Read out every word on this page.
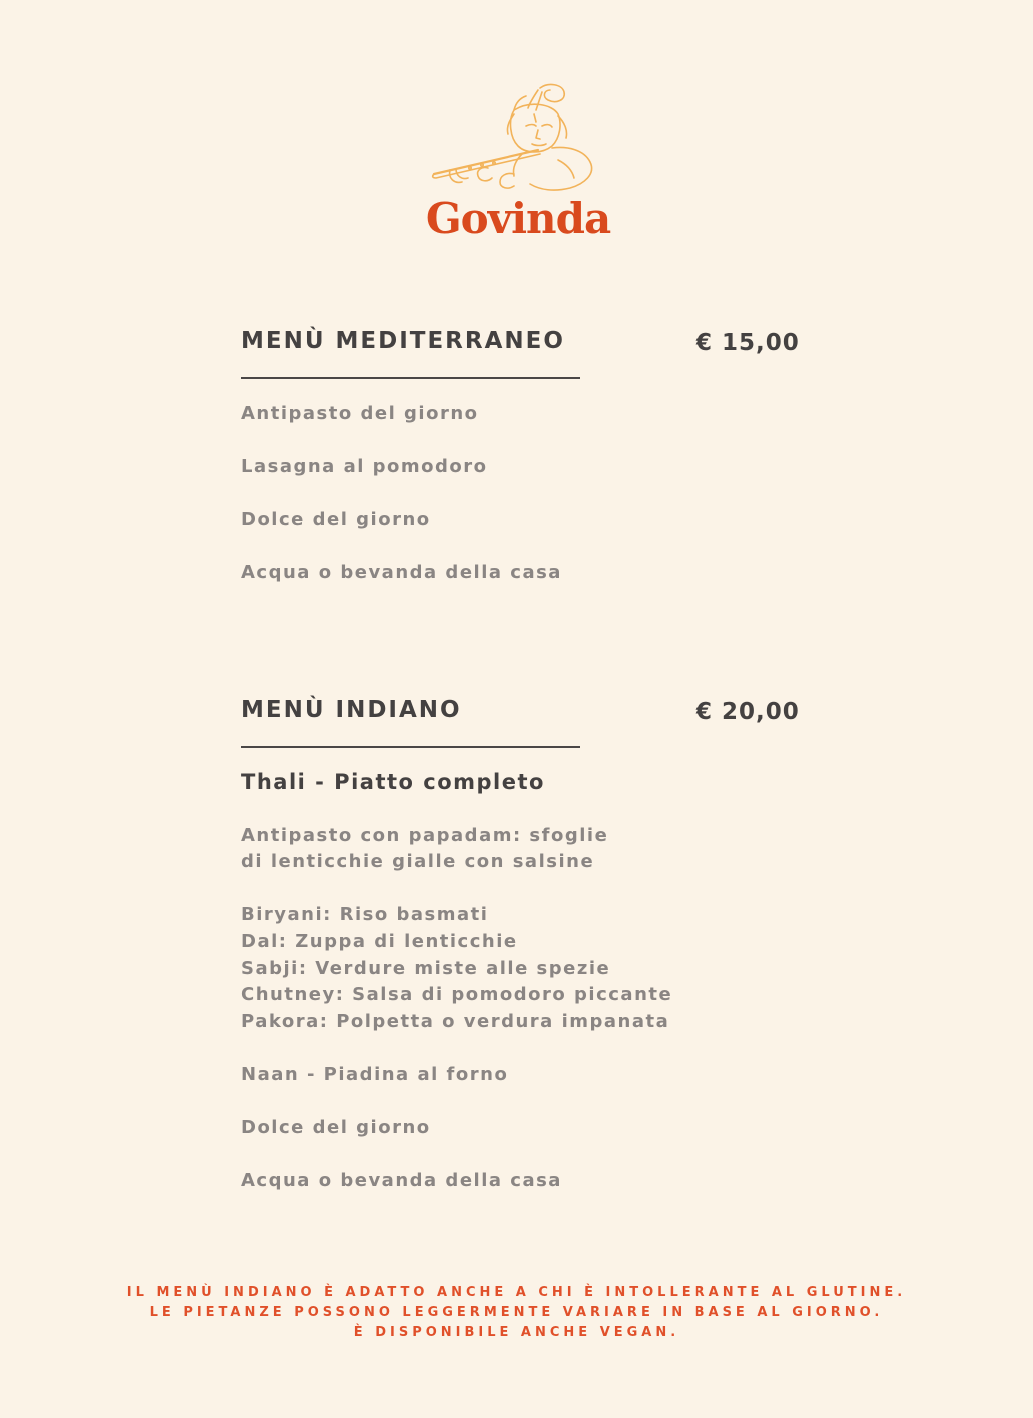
Govinda
MENÙ MEDITERRANEO	€ 15,00
Antipasto del giorno
Lasagna al pomodoro
Dolce del giorno
Acqua o bevanda della casa
MENÙ INDIANO	€ 20,00
Thali - Piatto completo
Antipasto con papadam: sfoglie
di lenticchie gialle con salsine
Biryani: Riso basmati
Dal: Zuppa di lenticchie
Sabji: Verdure miste alle spezie
Chutney: Salsa di pomodoro piccante
Pakora: Polpetta o verdura impanata
Naan - Piadina al forno
Dolce del giorno
Acqua o bevanda della casa
IL MENÙ INDIANO È ADATTO ANCHE A CHI È INTOLLERANTE AL GLUTINE.
LE PIETANZE POSSONO LEGGERMENTE VARIARE IN BASE AL GIORNO.
È DISPONIBILE ANCHE VEGAN.
